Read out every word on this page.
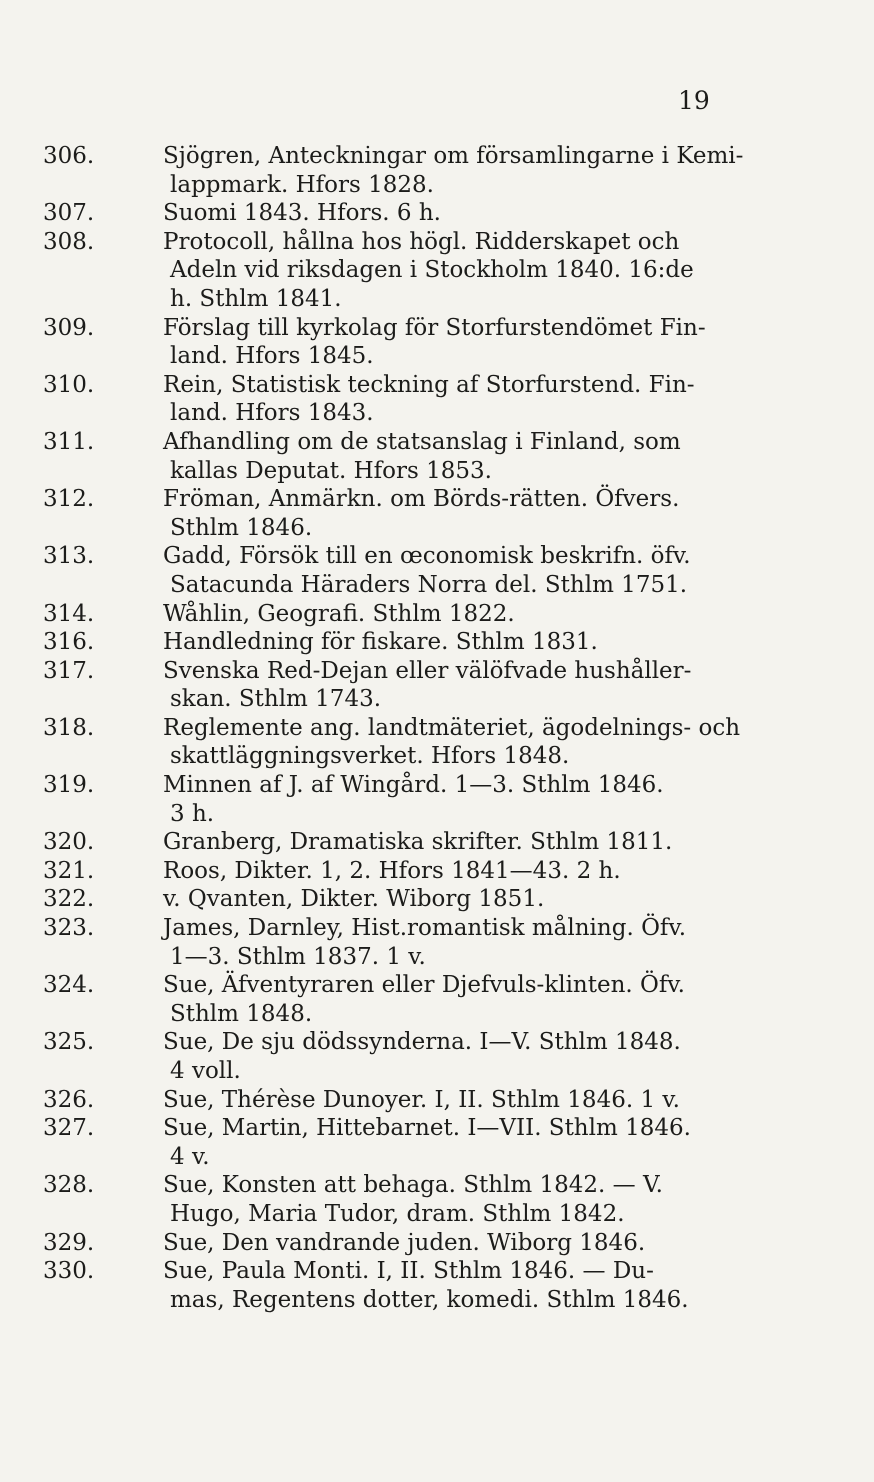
19
306.	Sjögren, Anteckningar om församlingarne i Kemi-
lappmark. Hfors 1828.
307.	Suomi 1843. Hfors. 6 h.
308.	Protocoll, hållna hos högl. Ridderskapet och
Adeln vid riksdagen i Stockholm 1840. 16:de
h. Sthlm 1841.
309.	Förslag till kyrkolag för Storfurstendömet Fin-
land. Hfors 1845.
310.	Rein, Statistisk teckning af Storfurstend. Fin-
land. Hfors 1843.
311.	Afhandling om de statsanslag i Finland, som
kallas Deputat. Hfors 1853.
312.	Fröman, Anmärkn. om Börds-rätten. Öfvers.
Sthlm 1846.
313.	Gadd, Försök till en œconomisk beskrifn. öfv.
Satacunda Häraders Norra del. Sthlm 1751.
314.	Wåhlin, Geografi. Sthlm 1822.
316.	Handledning för fiskare. Sthlm 1831.
317.	Svenska Red-Dejan eller välöfvade hushåller-
skan. Sthlm 1743.
318.	Reglemente ang. landtmäteriet, ägodelnings- och
skattläggningsverket. Hfors 1848.
319.	Minnen af J. af Wingård. 1—3. Sthlm 1846.
3 h.
320.	Granberg, Dramatiska skrifter. Sthlm 1811.
321.	Roos, Dikter. 1, 2. Hfors 1841—43. 2 h.
322.	v. Qvanten, Dikter. Wiborg 1851.
323.	James, Darnley, Hist.romantisk målning. Öfv.
1—3. Sthlm 1837. 1 v.
324.	Sue, Äfventyraren eller Djefvuls-klinten. Öfv.
Sthlm 1848.
325.	Sue, De sju dödssynderna. I—V. Sthlm 1848.
4 voll.
326.	Sue, Thérèse Dunoyer. I, II. Sthlm 1846. 1 v.
327.	Sue, Martin, Hittebarnet. I—VII. Sthlm 1846.
4 v.
328.	Sue, Konsten att behaga. Sthlm 1842. — V.
Hugo, Maria Tudor, dram. Sthlm 1842.
329.	Sue, Den vandrande juden. Wiborg 1846.
330.	Sue, Paula Monti. I, II. Sthlm 1846. — Du-
mas, Regentens dotter, komedi. Sthlm 1846.
